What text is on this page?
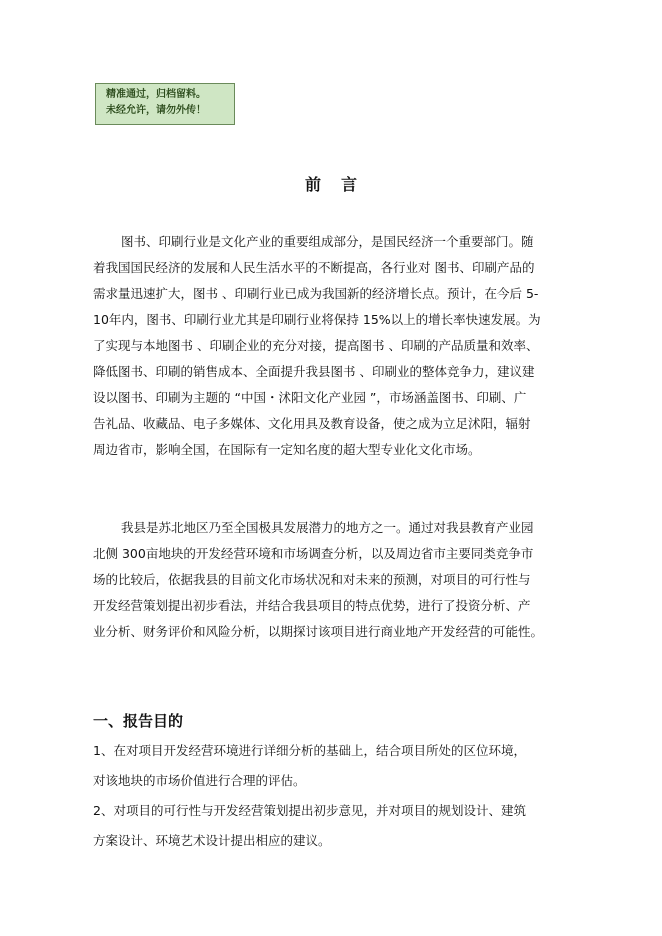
精准通过，归档留料。
未经允许，请勿外传！
前言
图书、印刷行业是文化产业的重要组成部分，是国民经济一个重要部门。随
着我国国民经济的发展和人民生活水平的不断提高，各行业对 图书、印刷产品的
需求量迅速扩大，图书 、印刷行业已成为我国新的经济增长点。预计，在今后 5-
10年内，图书、印刷行业尤其是印刷行业将保持 15%以上的增长率快速发展。为
了实现与本地图书 、印刷企业的充分对接，提高图书 、印刷的产品质量和效率、
降低图书、印刷的销售成本、全面提升我县图书 、印刷业的整体竞争力，建议建
设以图书、印刷为主题的 “中国・沭阳文化产业园 ”，市场涵盖图书、印刷、广
告礼品、收藏品、电子多媒体、文化用具及教育设备，使之成为立足沭阳，辐射
周边省市，影响全国，在国际有一定知名度的超大型专业化文化市场。
我县是苏北地区乃至全国极具发展潜力的地方之一。通过对我县教育产业园
北侧 300亩地块的开发经营环境和市场调查分析，以及周边省市主要同类竞争市
场的比较后，依据我县的目前文化市场状况和对未来的预测，对项目的可行性与
开发经营策划提出初步看法，并结合我县项目的特点优势，进行了投资分析、产
业分析、财务评价和风险分析，以期探讨该项目进行商业地产开发经营的可能性。
一、报告目的
1、在对项目开发经营环境进行详细分析的基础上，结合项目所处的区位环境，
对该地块的市场价值进行合理的评估。
2、对项目的可行性与开发经营策划提出初步意见，并对项目的规划设计、建筑
方案设计、环境艺术设计提出相应的建议。
